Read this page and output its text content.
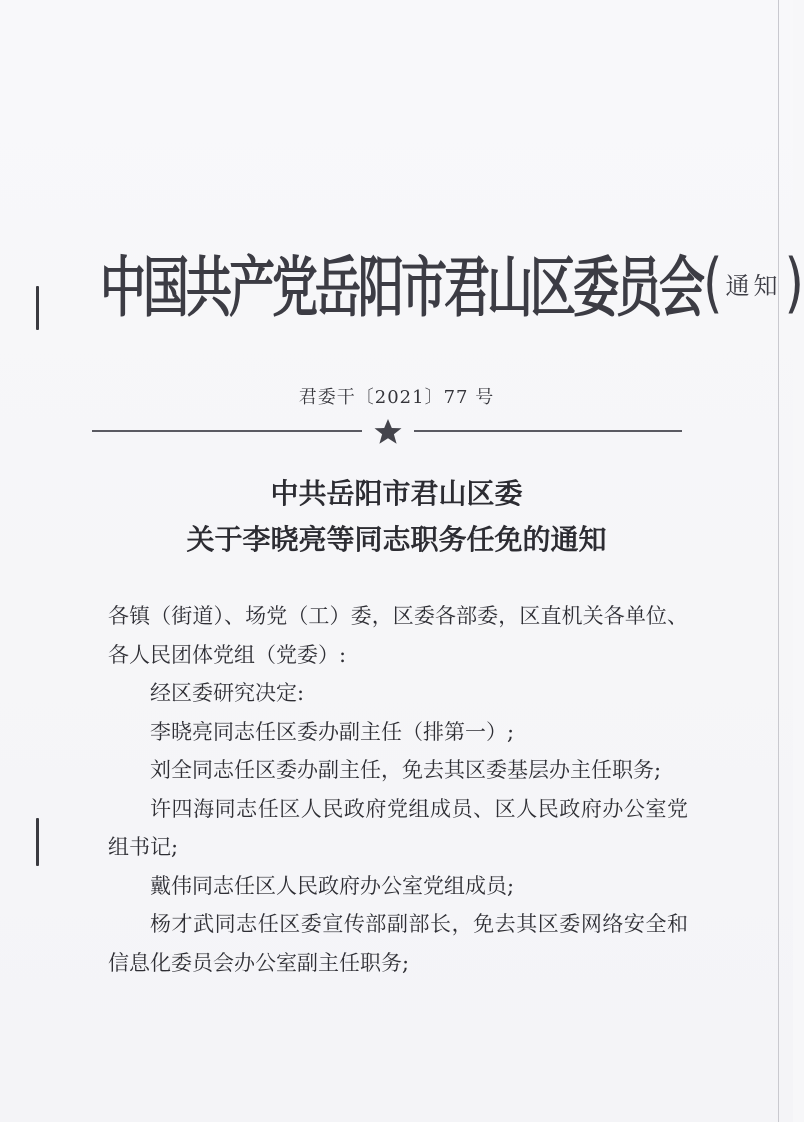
中国共产党岳阳市君山区委员会 ( 通知 )
君委干〔2021〕77 号
中共岳阳市君山区委
关于李晓亮等同志职务任免的通知

各镇（街道）、场党（工）委，区委各部委，区直机关各单位、各人民团体党组（党委）:

经区委研究决定:

李晓亮同志任区委办副主任（排第一）;

刘全同志任区委办副主任，免去其区委基层办主任职务;

许四海同志任区人民政府党组成员、区人民政府办公室党组书记;

戴伟同志任区人民政府办公室党组成员;

杨才武同志任区委宣传部副部长，免去其区委网络安全和信息化委员会办公室副主任职务;
